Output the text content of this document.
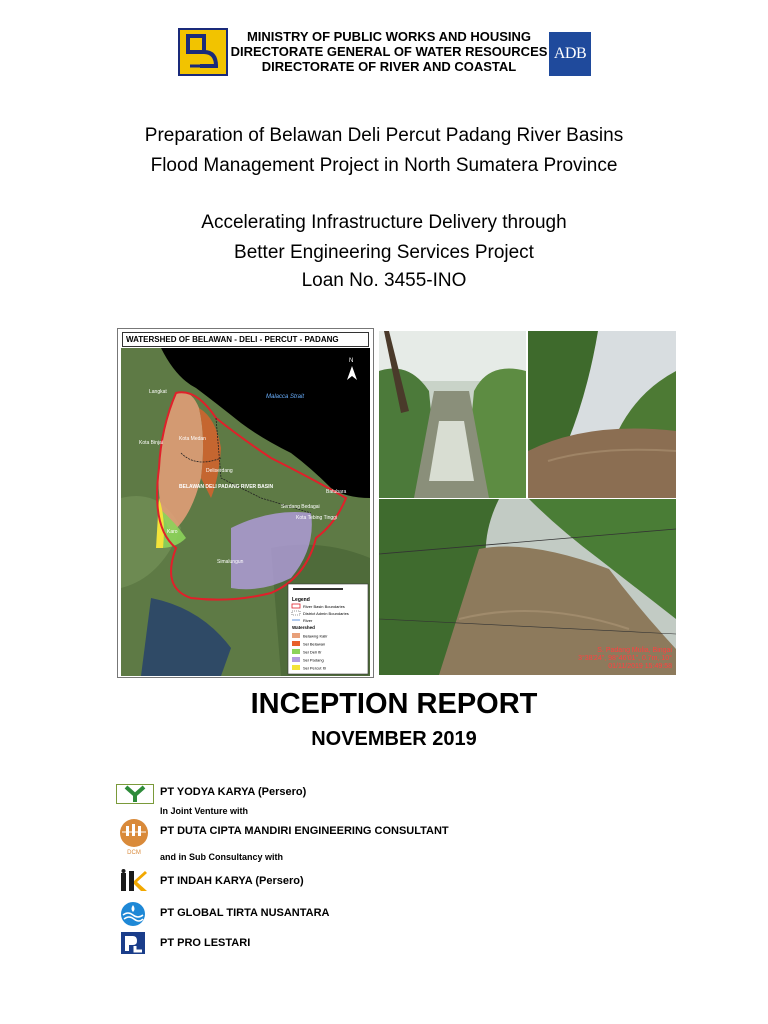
MINISTRY OF PUBLIC WORKS AND HOUSING
DIRECTORATE GENERAL OF WATER RESOURCES
DIRECTORATE OF RIVER AND COASTAL
ADB
Preparation of Belawan Deli Percut Padang River Basins
Flood Management Project in North Sumatera Province
Accelerating Infrastructure Delivery through
Better Engineering Services Project
Loan No. 3455-INO
WATERSHED OF BELAWAN - DELI - PERCUT - PADANG
Malacca Strait
N
Langkat
Kota Binjai
Kota Medan
Deliserdang
Serdang Bedagai
Kota Tebing Tinggi
Batubara
Karo
Simalungun
BELAWAN DELI PADANG RIVER BASIN
Legend
River Basin Boundaries
District Admin Boundaries
River
Watershed
Belawng Kalir
Sei Belawan
Sei Deli Itr
Sei Padang
Sei Percut Itr
S. Padang Mulia, Bingai
3°38'24", 98°46'01", 0.7m, 10°
01/11/2019 15:49:58
INCEPTION REPORT
NOVEMBER 2019
PT YODYA KARYA (Persero)
In Joint Venture with
DCM
PT DUTA CIPTA MANDIRI ENGINEERING CONSULTANT
and in Sub Consultancy with
PT INDAH KARYA (Persero)
PT GLOBAL TIRTA NUSANTARA
PT PRO LESTARI
